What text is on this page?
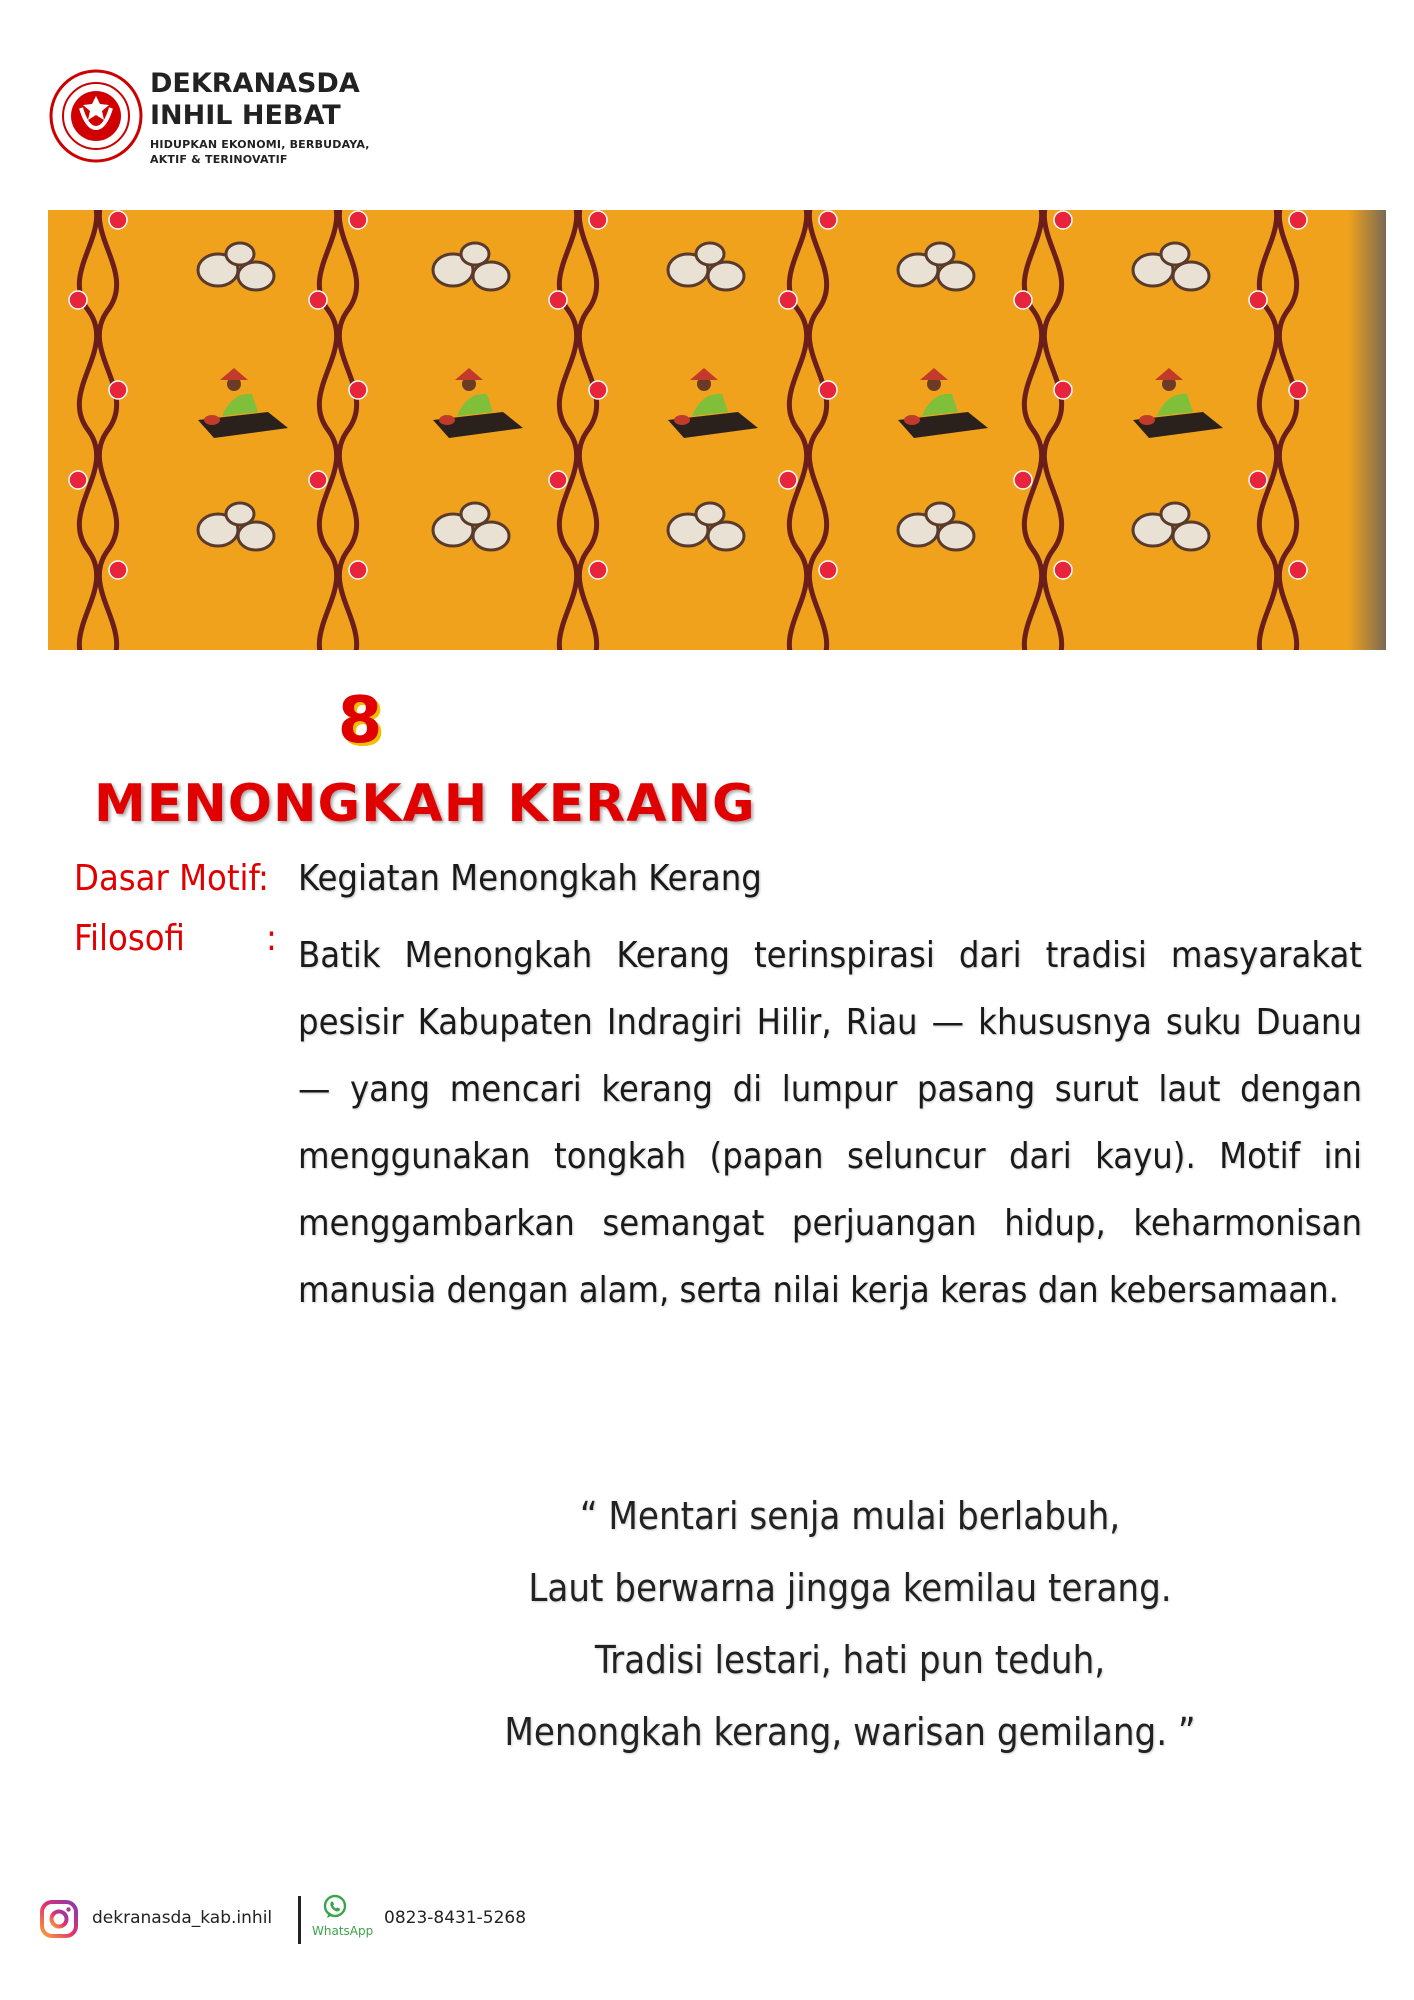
DEKRANASDA
INHIL HEBAT
HIDUPKAN EKONOMI, BERBUDAYA,
AKTIF & TERINOVATIF
8
MENONGKAH KERANG
Dasar Motif
: Kegiatan Menongkah Kerang
Filosofi : Batik Menongkah Kerang terinspirasi dari tradisi masyarakat pesisir Kabupaten Indragiri Hilir, Riau — khususnya suku Duanu — yang mencari kerang di lumpur pasang surut laut dengan menggunakan tongkah (papan seluncur dari kayu). Motif ini menggambarkan semangat perjuangan hidup, keharmonisan manusia dengan alam, serta nilai kerja keras dan kebersamaan.

“ Mentari senja mulai berlabuh,
Laut berwarna jingga kemilau terang.
Tradisi lestari, hati pun teduh,
Menongkah kerang, warisan gemilang. ”
dekranasda_kab.inhil
WhatsApp
0823-8431-5268
